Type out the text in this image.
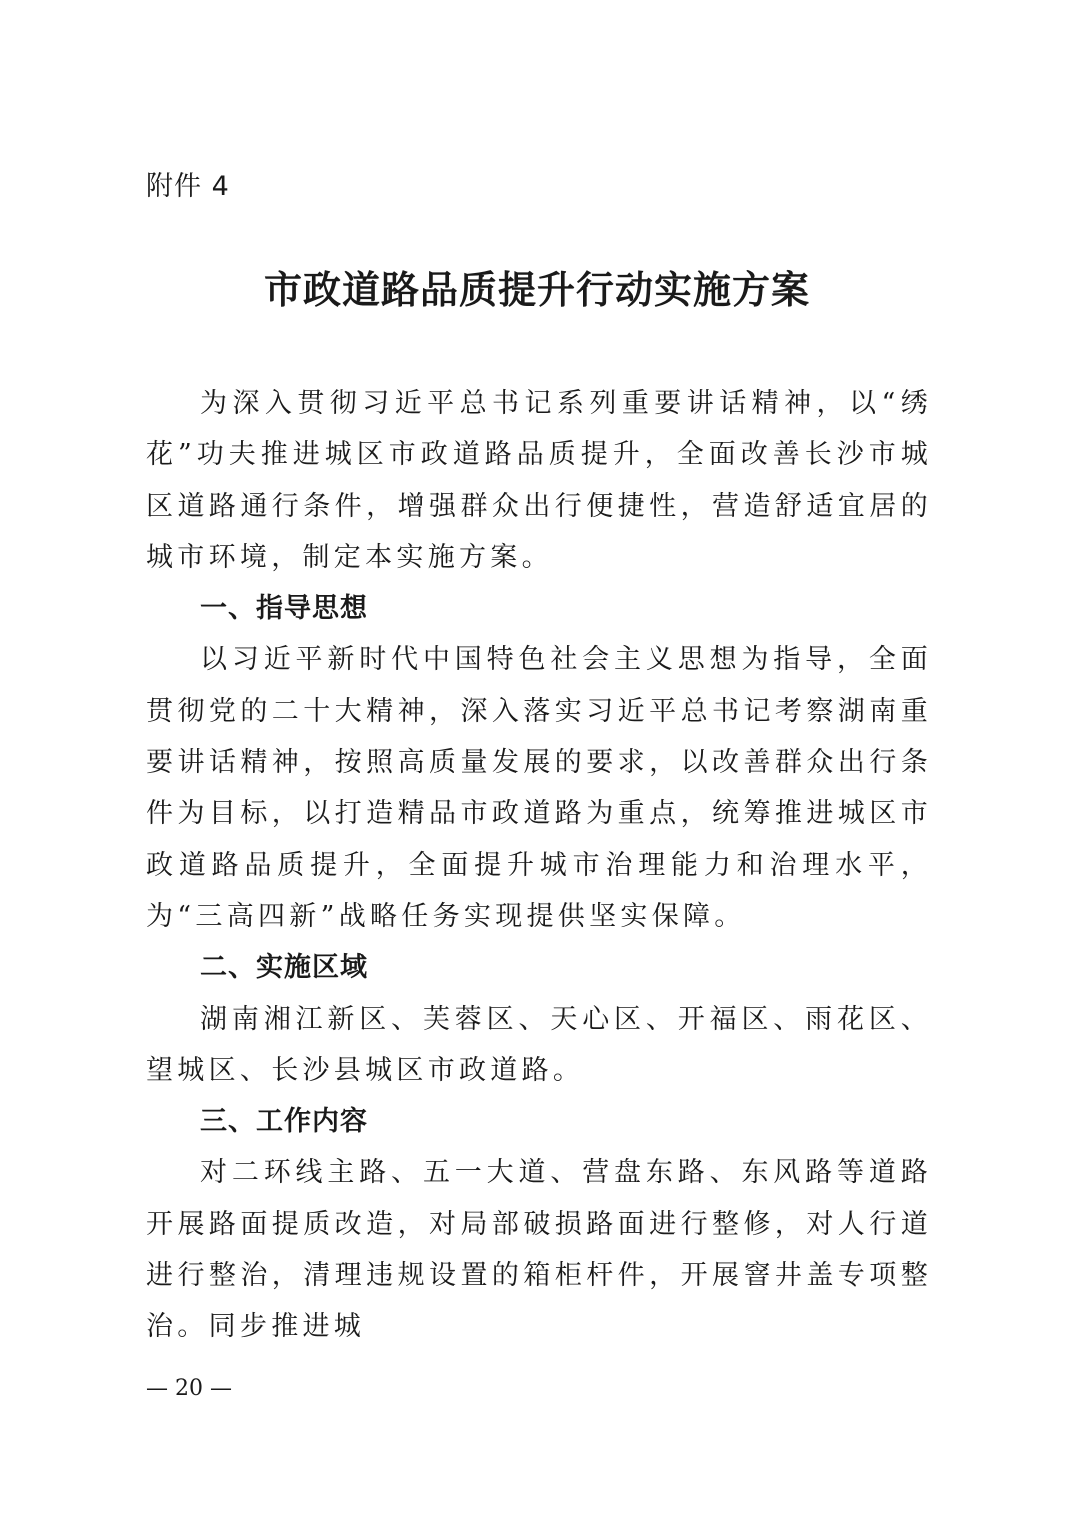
附件 4
市政道路品质提升行动实施方案

为深入贯彻习近平总书记系列重要讲话精神，以“绣花”功夫推进城区市政道路品质提升，全面改善长沙市城区道路通行条件，增强群众出行便捷性，营造舒适宜居的城市环境，制定本实施方案。

一、指导思想

以习近平新时代中国特色社会主义思想为指导，全面贯彻党的二十大精神，深入落实习近平总书记考察湖南重要讲话精神，按照高质量发展的要求，以改善群众出行条件为目标，以打造精品市政道路为重点，统筹推进城区市政道路品质提升，全面提升城市治理能力和治理水平，为“三高四新”战略任务实现提供坚实保障。

二、实施区域

湖南湘江新区、芙蓉区、天心区、开福区、雨花区、望城区、长沙县城区市政道路。

三、工作内容

对二环线主路、五一大道、营盘东路、东风路等道路开展路面提质改造，对局部破损路面进行整修，对人行道进行整治，清理违规设置的箱柜杆件，开展窨井盖专项整治。同步推进城

— 20 —
